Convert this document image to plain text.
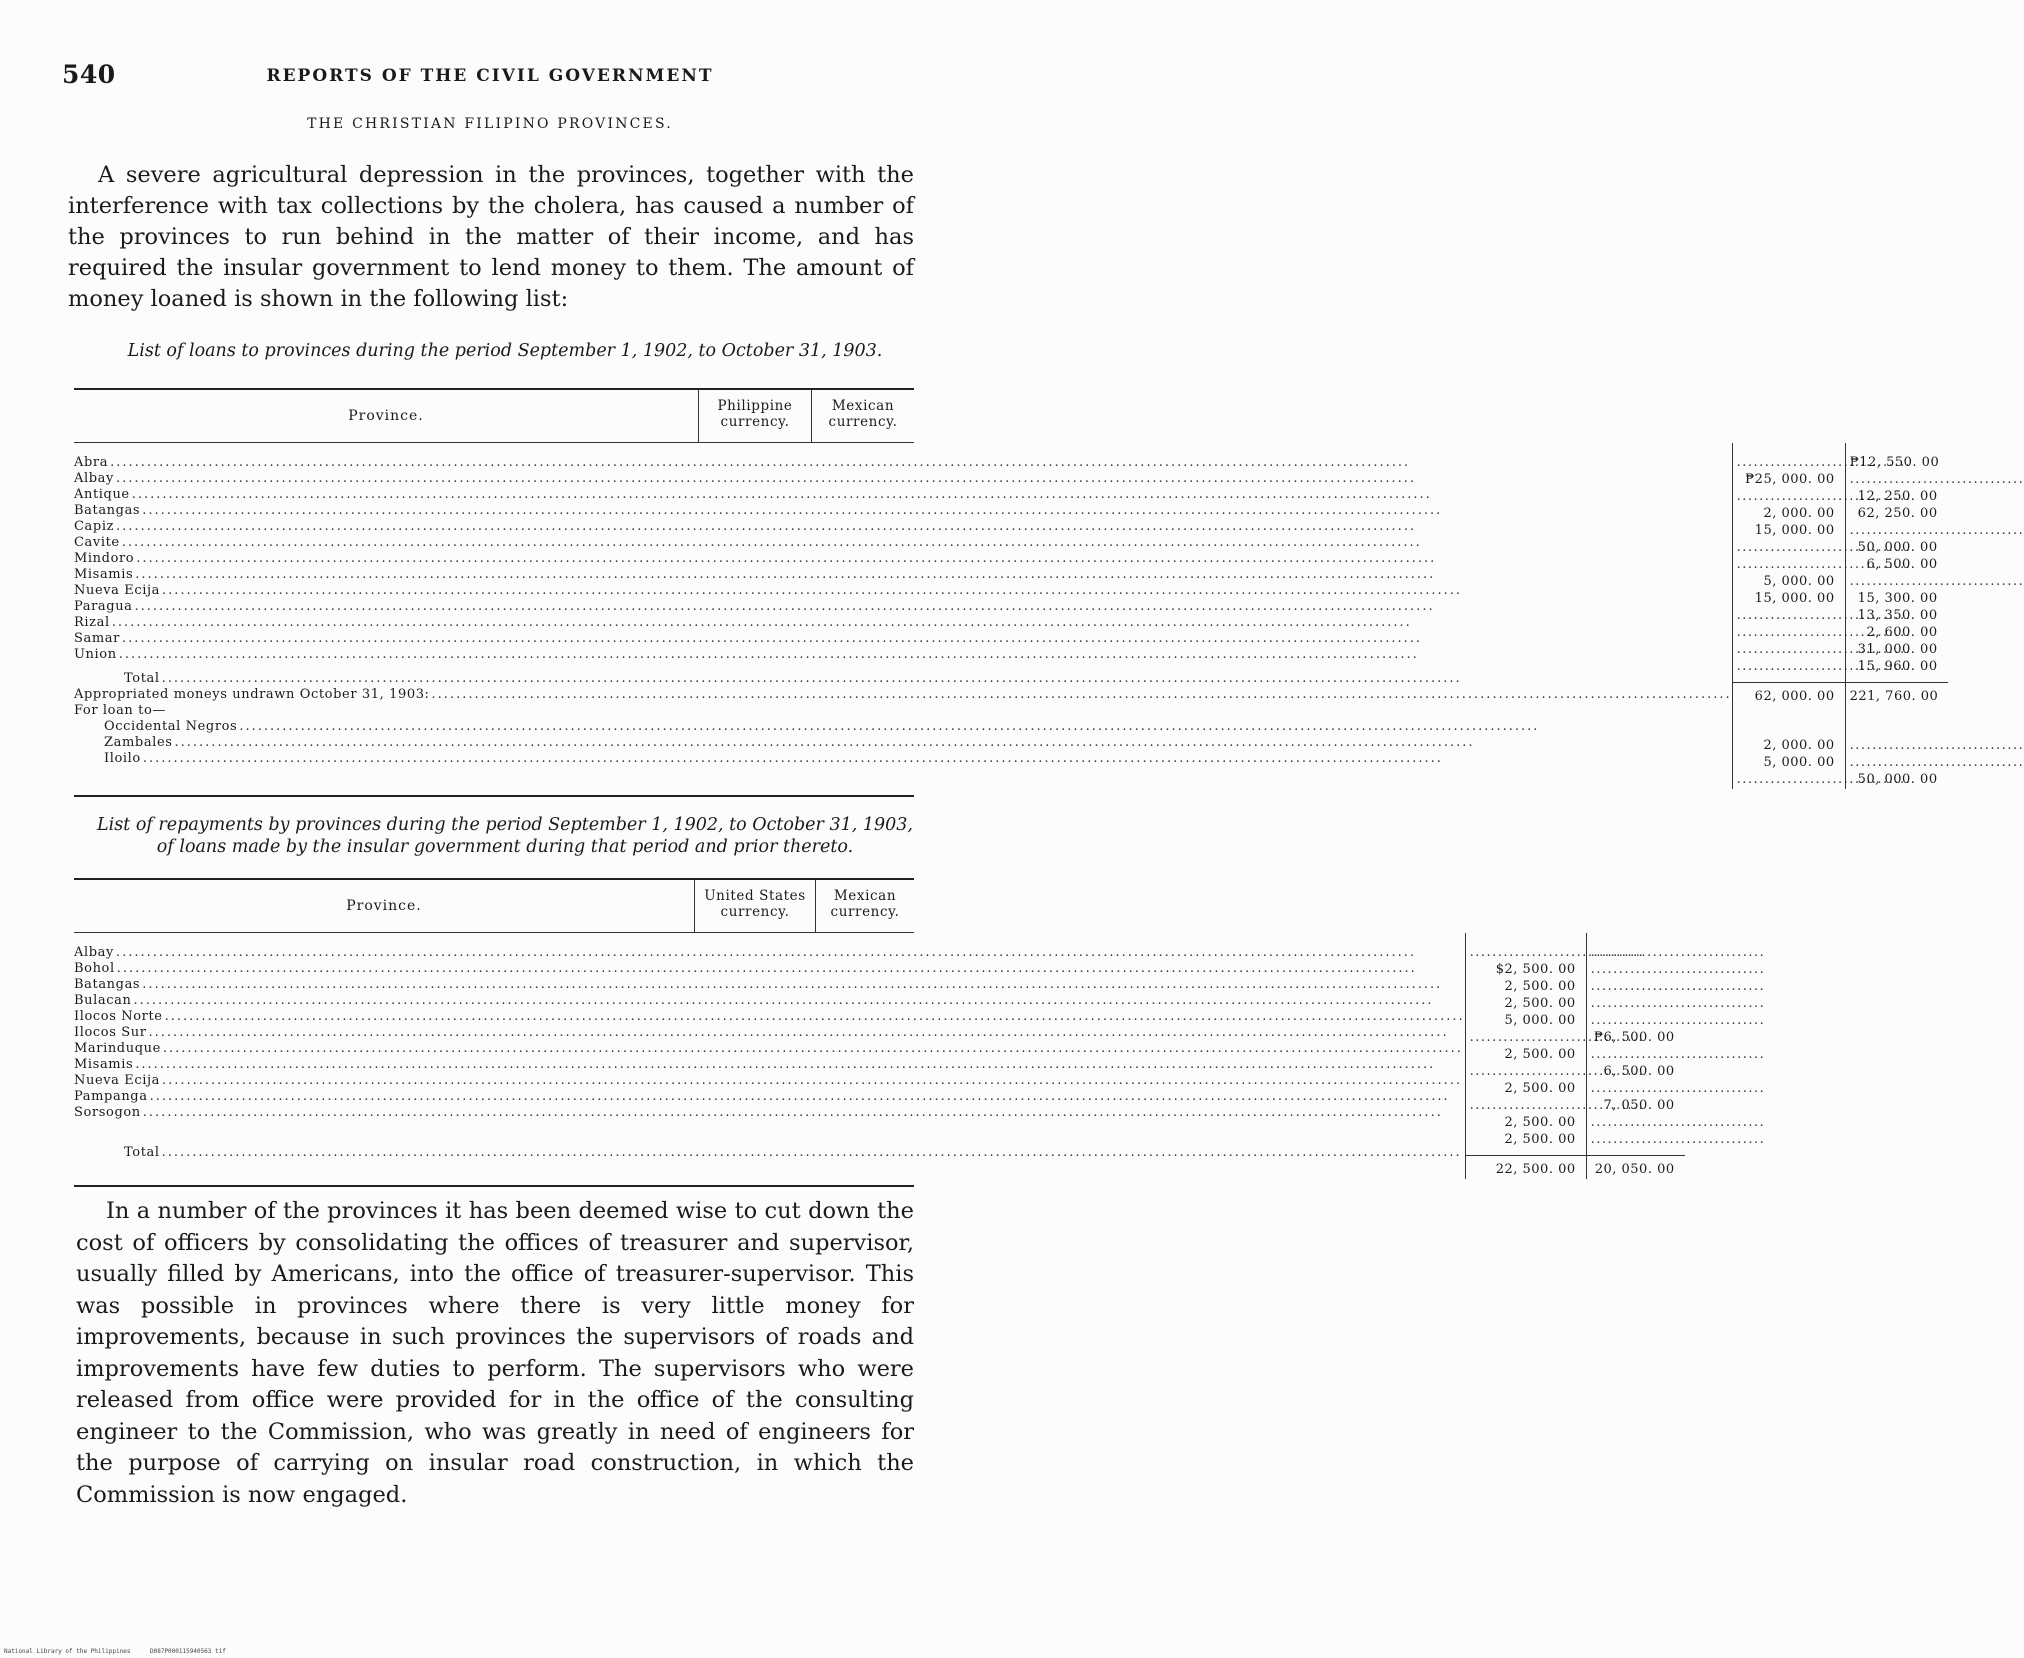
540	REPORTS OF THE CIVIL GOVERNMENT
THE CHRISTIAN FILIPINO PROVINCES.

A severe agricultural depression in the provinces, together with the interference with tax collections by the cholera, has caused a number of the provinces to run behind in the matter of their income, and has required the insular government to lend money to them. The amount of money loaned is shown in the following list:

List of loans to provinces during the period September 1, 1902, to October 31, 1903.
Province.
Philippine currency.
Mexican currency.
Abra
.....
Albay
.....
Antique
.....
Batangas
.....
Capiz
.....
Cavite
.....
Mindoro
.....
Misamis
.....
Nueva Ecija
.....
Paragua
.....
Rizal
.....
Samar
.....
Union
.....
Total
.....
Appropriated moneys undrawn October 31, 1903:
.....
For loan to—
Occidental Negros
.....
Zambales
.....
Iloilo
.....
.....
₱25, 000. 00
.....
2, 000. 00
15, 000. 00
.....
.....
5, 000. 00
15, 000. 00
.....
.....
.....
.....
62, 000. 00
2, 000. 00
5, 000. 00
.....
₱12, 550. 00
.....
12, 250. 00
62, 250. 00
.....
50, 000. 00
6, 500. 00
.....
15, 300. 00
13, 350. 00
2, 600. 00
31, 000. 00
15, 960. 00
221, 760. 00
.....
.....
50, 000. 00
List of repayments by provinces during the period September 1, 1902, to October 31, 1903,
of loans made by the insular government during that period and prior thereto.
Province.
United States currency.
Mexican currency.
Albay
.....
Bohol
.....
Batangas
.....
Bulacan
.....
Ilocos Norte
.....
Ilocos Sur
.....
Marinduque
.....
Misamis
.....
Nueva Ecija
.....
Pampanga
.....
Sorsogon
.....
Total
.....
.....
$2, 500. 00
2, 500. 00
2, 500. 00
5, 000. 00
.....
2, 500. 00
.....
2, 500. 00
.....
2, 500. 00
2, 500. 00
22, 500. 00
.....
.....
.....
.....
.....
₱6, 500. 00
.....
6, 500. 00
.....
7, 050. 00
.....
.....
20, 050. 00

In a number of the provinces it has been deemed wise to cut down the cost of officers by consolidating the offices of treasurer and supervisor, usually filled by Americans, into the office of treasurer-supervisor. This was possible in provinces where there is very little money for improvements, because in such provinces the supervisors of roads and improvements have few duties to perform. The supervisors who were released from office were provided for in the office of the consulting engineer to the Commission, who was greatly in need of engineers for the purpose of carrying on insular road construction, in which the Commission is now engaged.

National Library of the Philippines	D087P000115940563 tif
